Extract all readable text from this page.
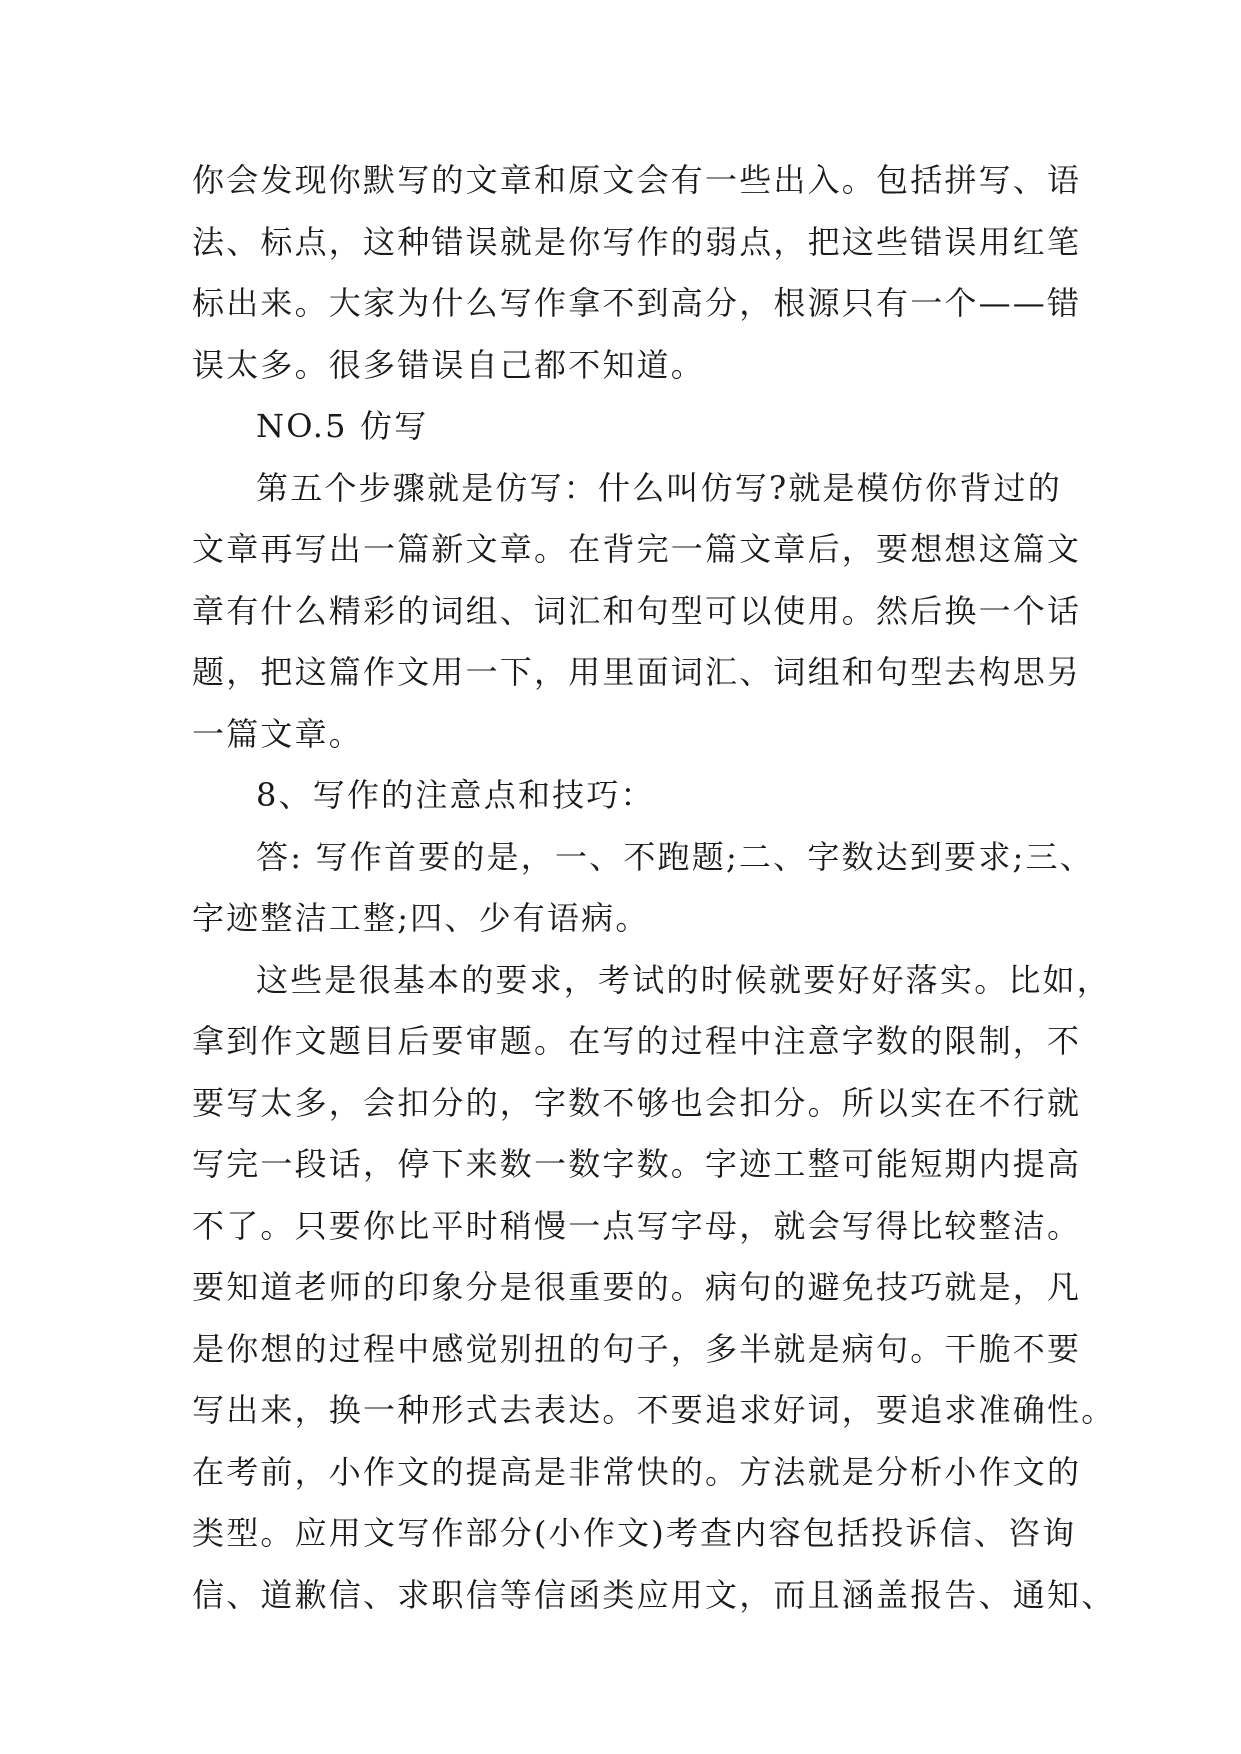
你会发现你默写的文章和原文会有一些出入。包括拼写、语
法、标点，这种错误就是你写作的弱点，把这些错误用红笔
标出来。大家为什么写作拿不到高分，根源只有一个——错
误太多。很多错误自己都不知道。
NO.5 仿写
第五个步骤就是仿写：什么叫仿写?就是模仿你背过的
文章再写出一篇新文章。在背完一篇文章后，要想想这篇文
章有什么精彩的词组、词汇和句型可以使用。然后换一个话
题，把这篇作文用一下，用里面词汇、词组和句型去构思另
一篇文章。
8、写作的注意点和技巧：
答: 写作首要的是，一、不跑题;二、字数达到要求;三、
字迹整洁工整;四、少有语病。
这些是很基本的要求，考试的时候就要好好落实。比如，
拿到作文题目后要审题。在写的过程中注意字数的限制，不
要写太多，会扣分的，字数不够也会扣分。所以实在不行就
写完一段话，停下来数一数字数。字迹工整可能短期内提高
不了。只要你比平时稍慢一点写字母，就会写得比较整洁。
要知道老师的印象分是很重要的。病句的避免技巧就是，凡
是你想的过程中感觉别扭的句子，多半就是病句。干脆不要
写出来，换一种形式去表达。不要追求好词，要追求准确性。
在考前，小作文的提高是非常快的。方法就是分析小作文的
类型。应用文写作部分(小作文)考查内容包括投诉信、咨询
信、道歉信、求职信等信函类应用文，而且涵盖报告、通知、
